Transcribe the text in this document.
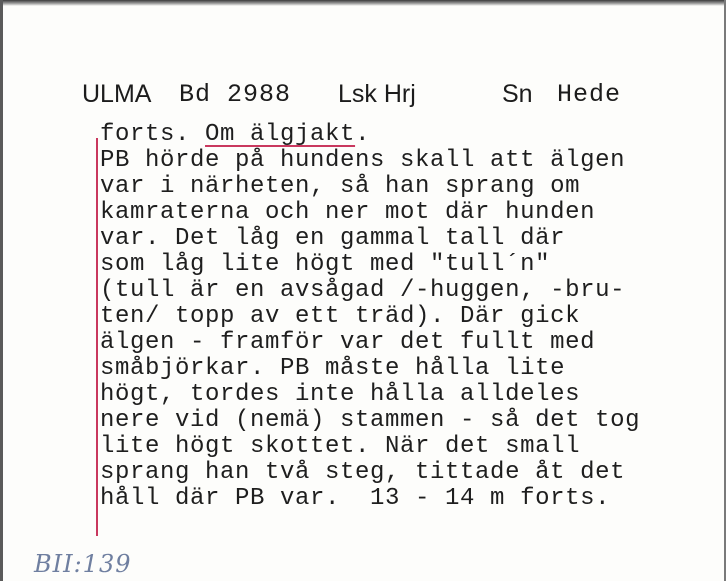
ULMA Bd 2988 Lsk Hrj	Sn Hede
forts. Om älgjakt.
PB hörde på hundens skall att älgen
var i närheten, så han sprang om
kamraterna och ner mot där hunden
var. Det låg en gammal tall där
som låg lite högt med "tull´n"
(tull är en avsågad /-huggen, -bru-
ten/ topp av ett träd). Där gick
älgen - framför var det fullt med
småbjörkar. PB måste hålla lite
högt, tordes inte hålla alldeles
nere vid (nemä) stammen - så det tog
lite högt skottet. När det small
sprang han två steg, tittade åt det
håll där PB var.  13 - 14 m forts.
BII:139
